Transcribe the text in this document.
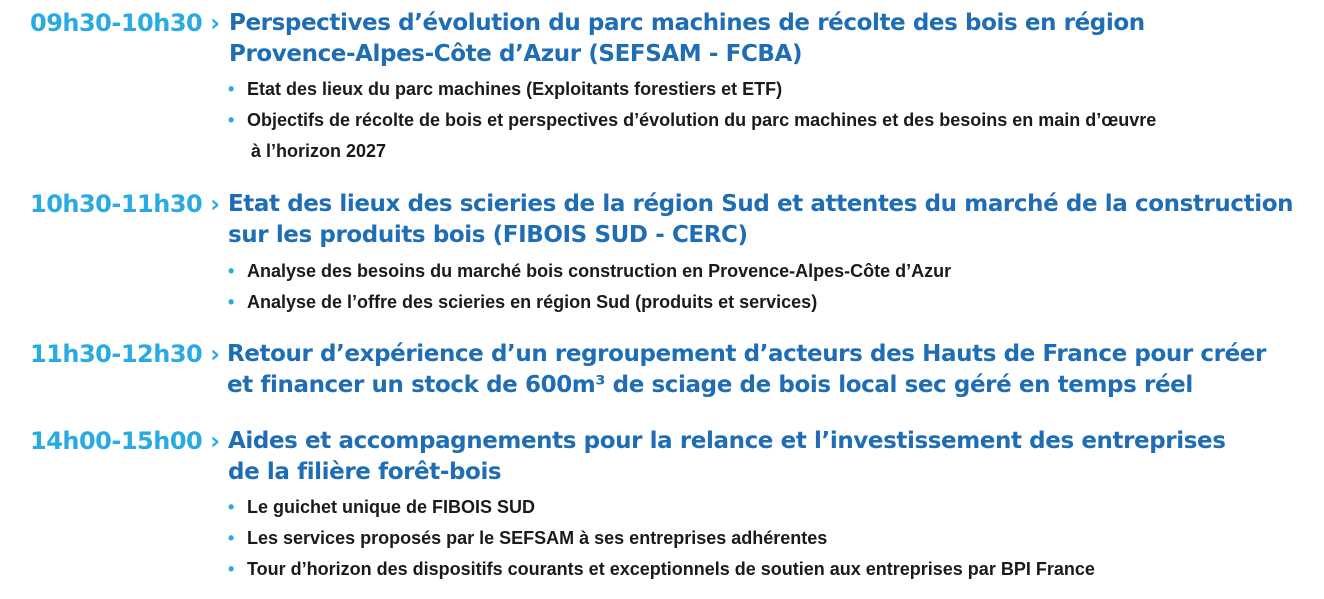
09h30-10h30 › Perspectives d’évolution du parc machines de récolte des bois en région
Provence-Alpes-Côte d’Azur (SEFSAM - FCBA)
• Etat des lieux du parc machines (Exploitants forestiers et ETF)
• Objectifs de récolte de bois et perspectives d’évolution du parc machines et des besoins en main d’œuvre
à l’horizon 2027
10h30-11h30 › Etat des lieux des scieries de la région Sud et attentes du marché de la construction
sur les produits bois (FIBOIS SUD - CERC)
• Analyse des besoins du marché bois construction en Provence-Alpes-Côte d’Azur
• Analyse de l’offre des scieries en région Sud (produits et services)
11h30-12h30 › Retour d’expérience d’un regroupement d’acteurs des Hauts de France pour créer
et financer un stock de 600m³ de sciage de bois local sec géré en temps réel
14h00-15h00 › Aides et accompagnements pour la relance et l’investissement des entreprises
de la filière forêt-bois
• Le guichet unique de FIBOIS SUD
• Les services proposés par le SEFSAM à ses entreprises adhérentes
• Tour d’horizon des dispositifs courants et exceptionnels de soutien aux entreprises par BPI France
